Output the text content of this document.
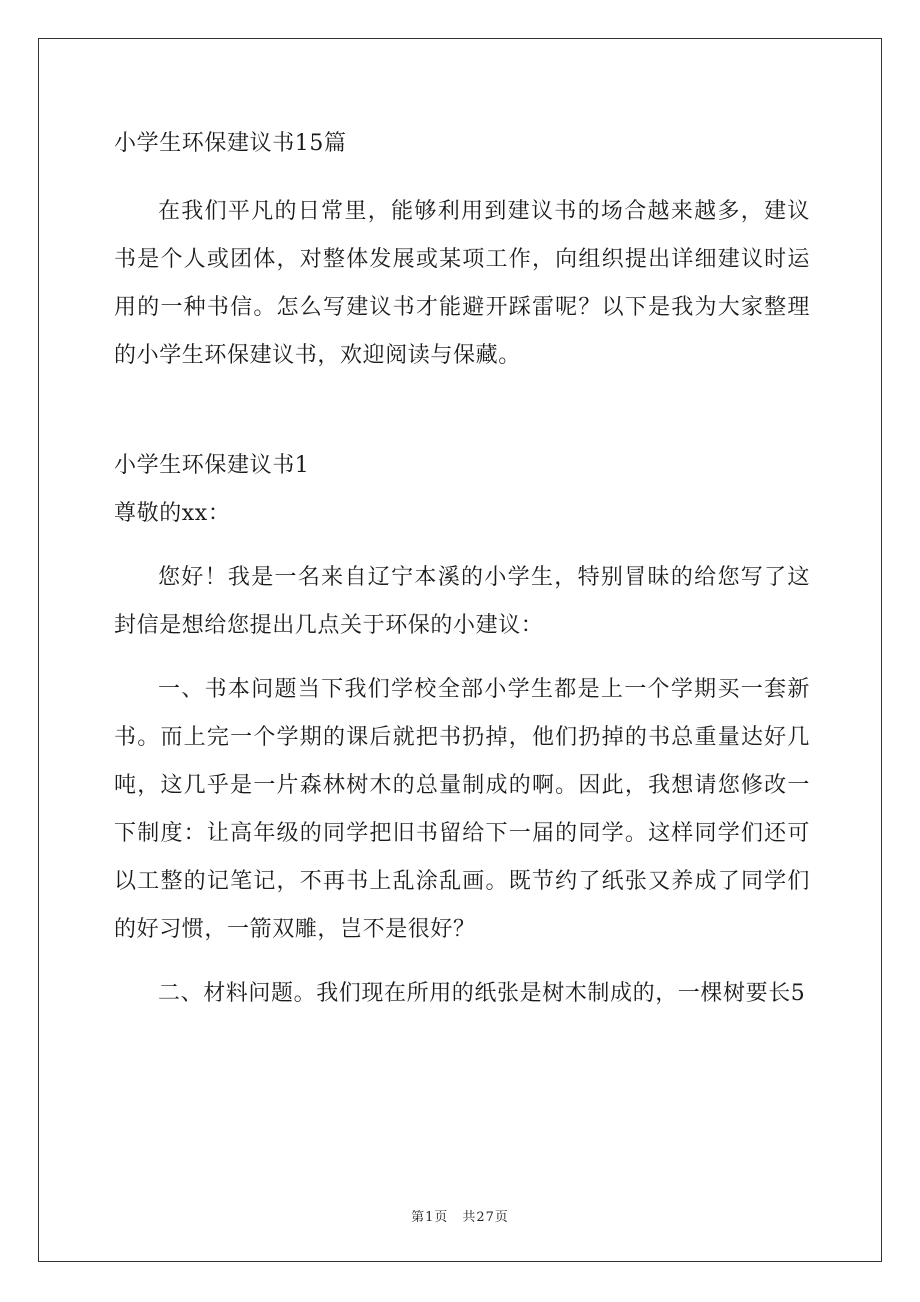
小学生环保建议书15篇

在我们平凡的日常里，能够利用到建议书的场合越来越多，建议书是个人或团体，对整体发展或某项工作，向组织提出详细建议时运用的一种书信。怎么写建议书才能避开踩雷呢？以下是我为大家整理的小学生环保建议书，欢迎阅读与保藏。

小学生环保建议书1
尊敬的xx：

您好！我是一名来自辽宁本溪的小学生，特别冒昧的给您写了这封信是想给您提出几点关于环保的小建议：

一、书本问题当下我们学校全部小学生都是上一个学期买一套新书。而上完一个学期的课后就把书扔掉，他们扔掉的书总重量达好几吨，这几乎是一片森林树木的总量制成的啊。因此，我想请您修改一下制度：让高年级的同学把旧书留给下一届的同学。这样同学们还可以工整的记笔记，不再书上乱涂乱画。既节约了纸张又养成了同学们的好习惯，一箭双雕，岂不是很好？

二、材料问题。我们现在所用的纸张是树木制成的，一棵树要长5

第1页 共27页
